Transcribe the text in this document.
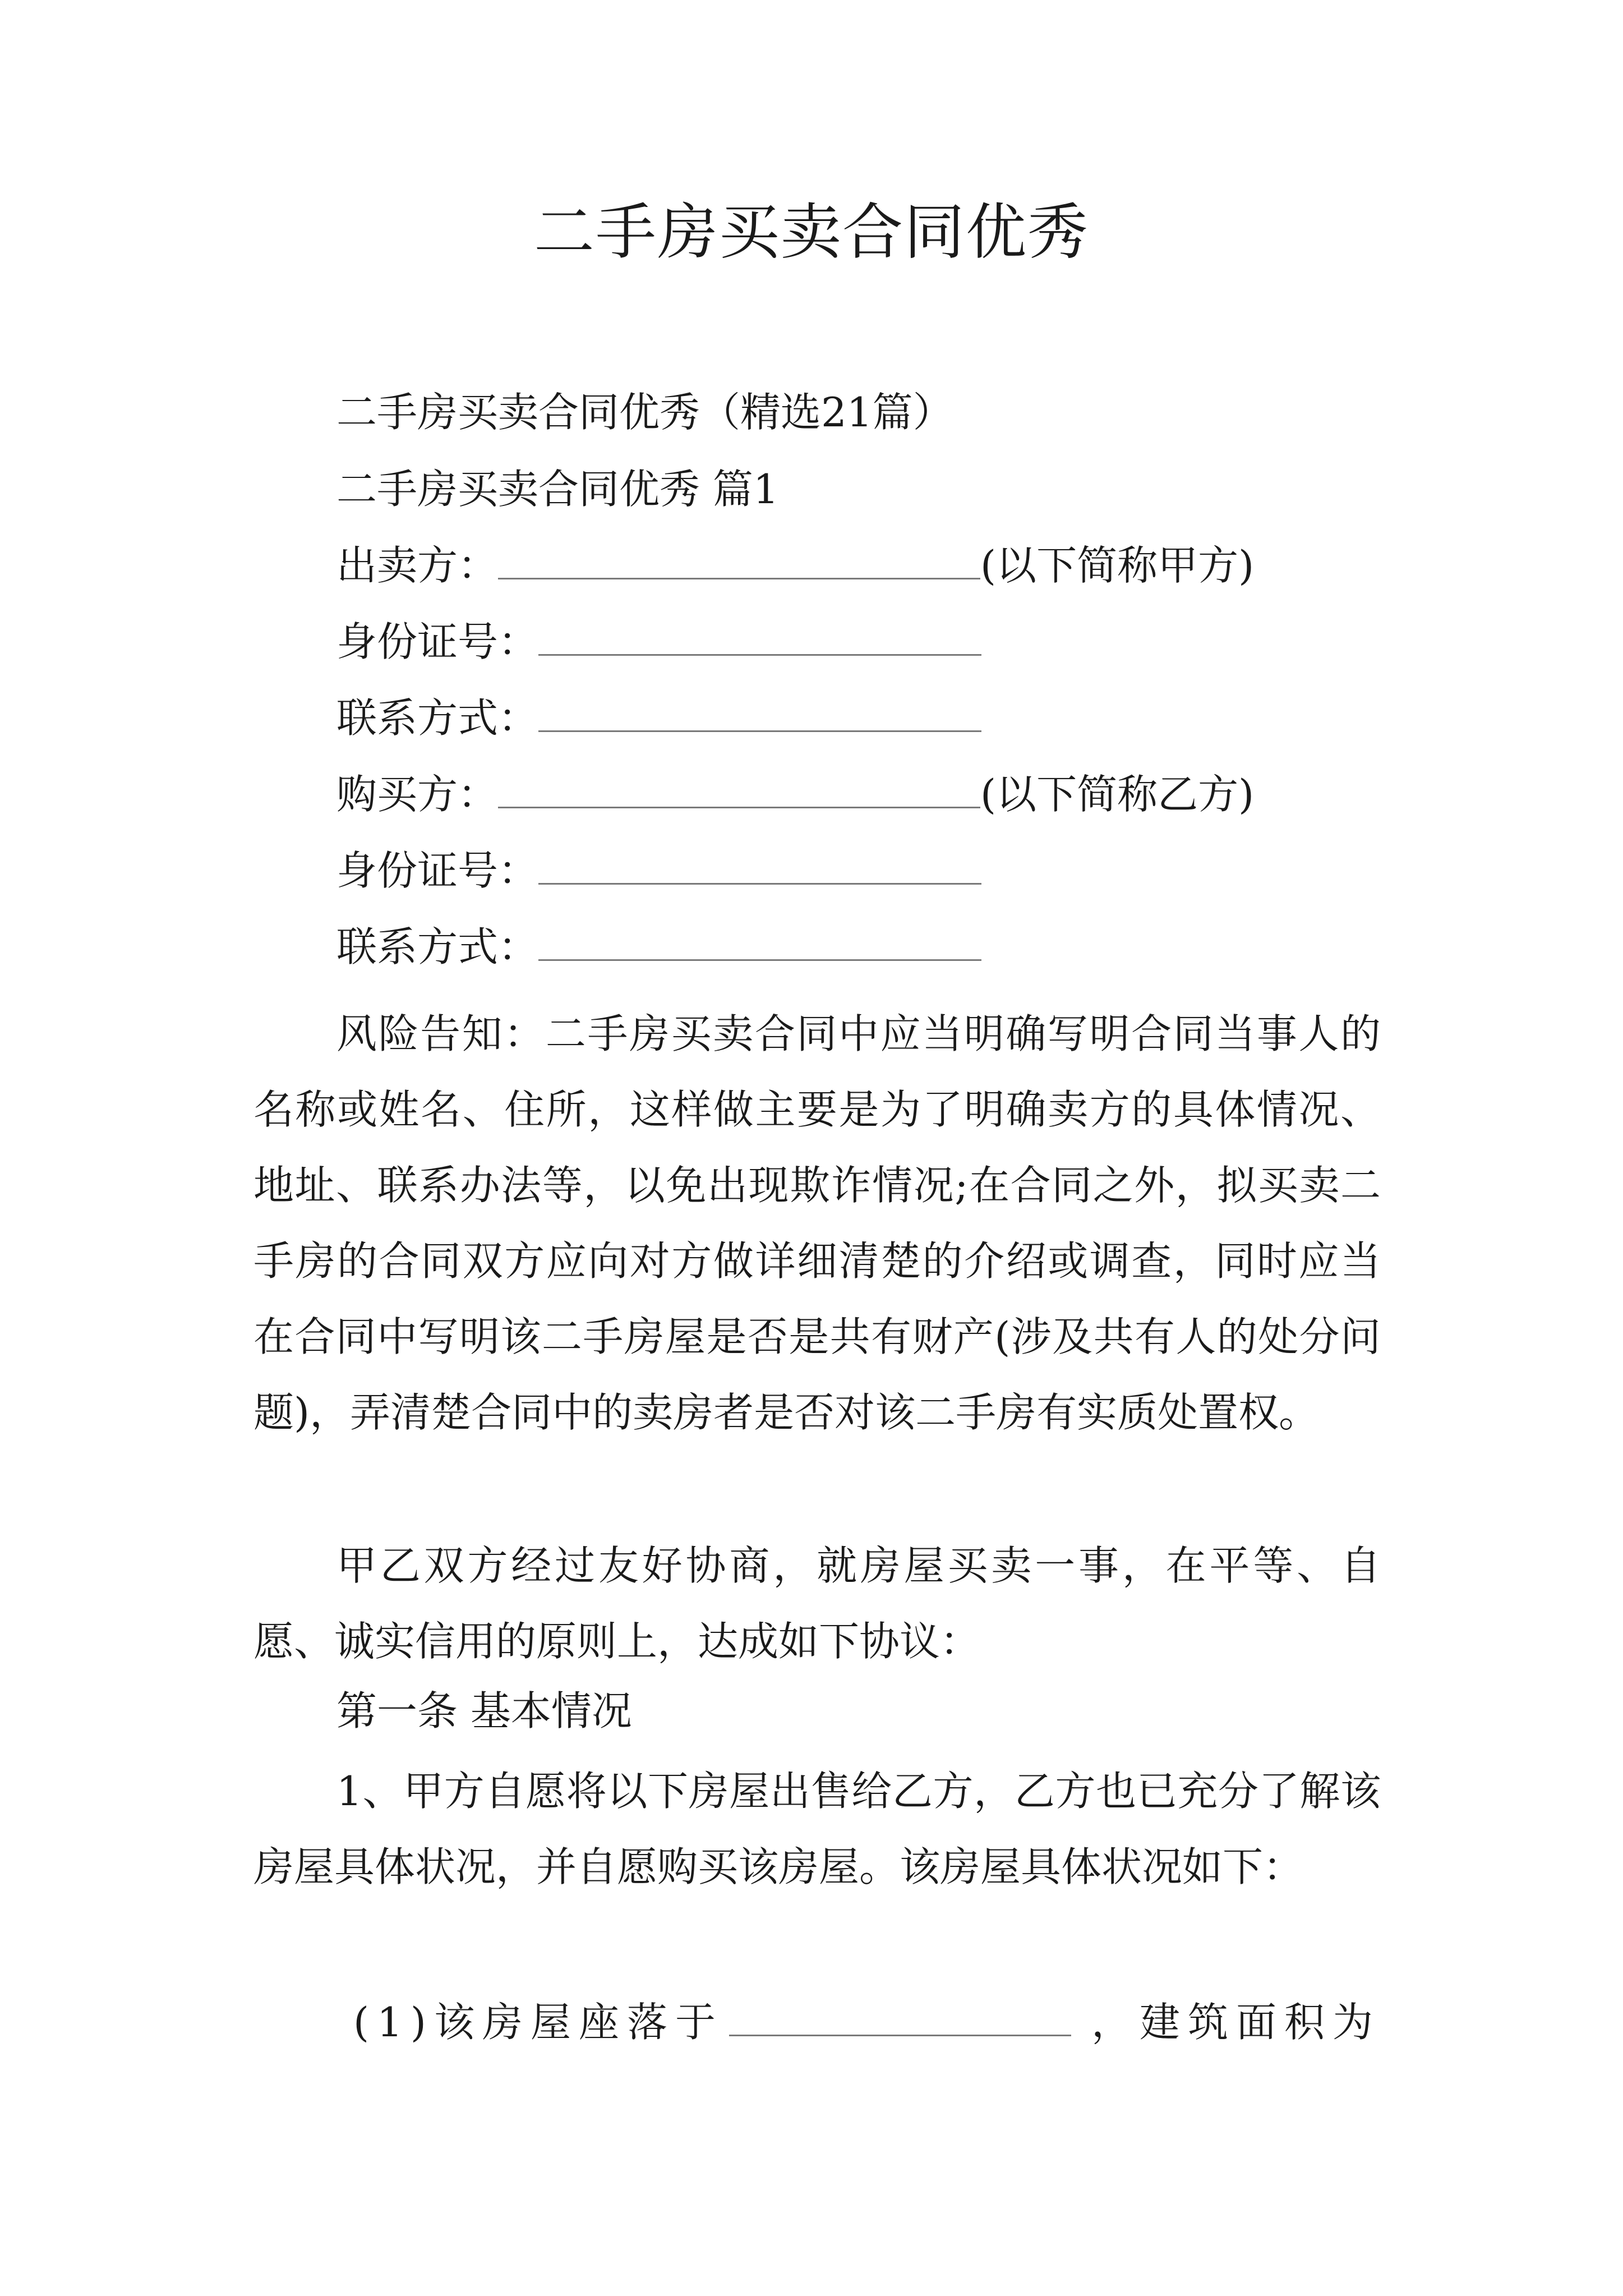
二手房买卖合同优秀
二手房买卖合同优秀（精选21篇）
二手房买卖合同优秀 篇1
出卖方：	(以下简称甲方)
身份证号：
联系方式：
购买方：	(以下简称乙方)
身份证号：
联系方式：

风险告知：二手房买卖合同中应当明确写明合同当事人的名称或姓名、住所，这样做主要是为了明确卖方的具体情况、地址、联系办法等，以免出现欺诈情况;在合同之外，拟买卖二手房的合同双方应向对方做详细清楚的介绍或调查，同时应当在合同中写明该二手房屋是否是共有财产(涉及共有人的处分问题)，弄清楚合同中的卖房者是否对该二手房有实质处置权。

甲乙双方经过友好协商，就房屋买卖一事，在平等、自愿、诚实信用的原则上，达成如下协议：

第一条 基本情况

1、甲方自愿将以下房屋出售给乙方，乙方也已充分了解该房屋具体状况，并自愿购买该房屋。该房屋具体状况如下：

(1)该房屋座落于	，建筑面积为
